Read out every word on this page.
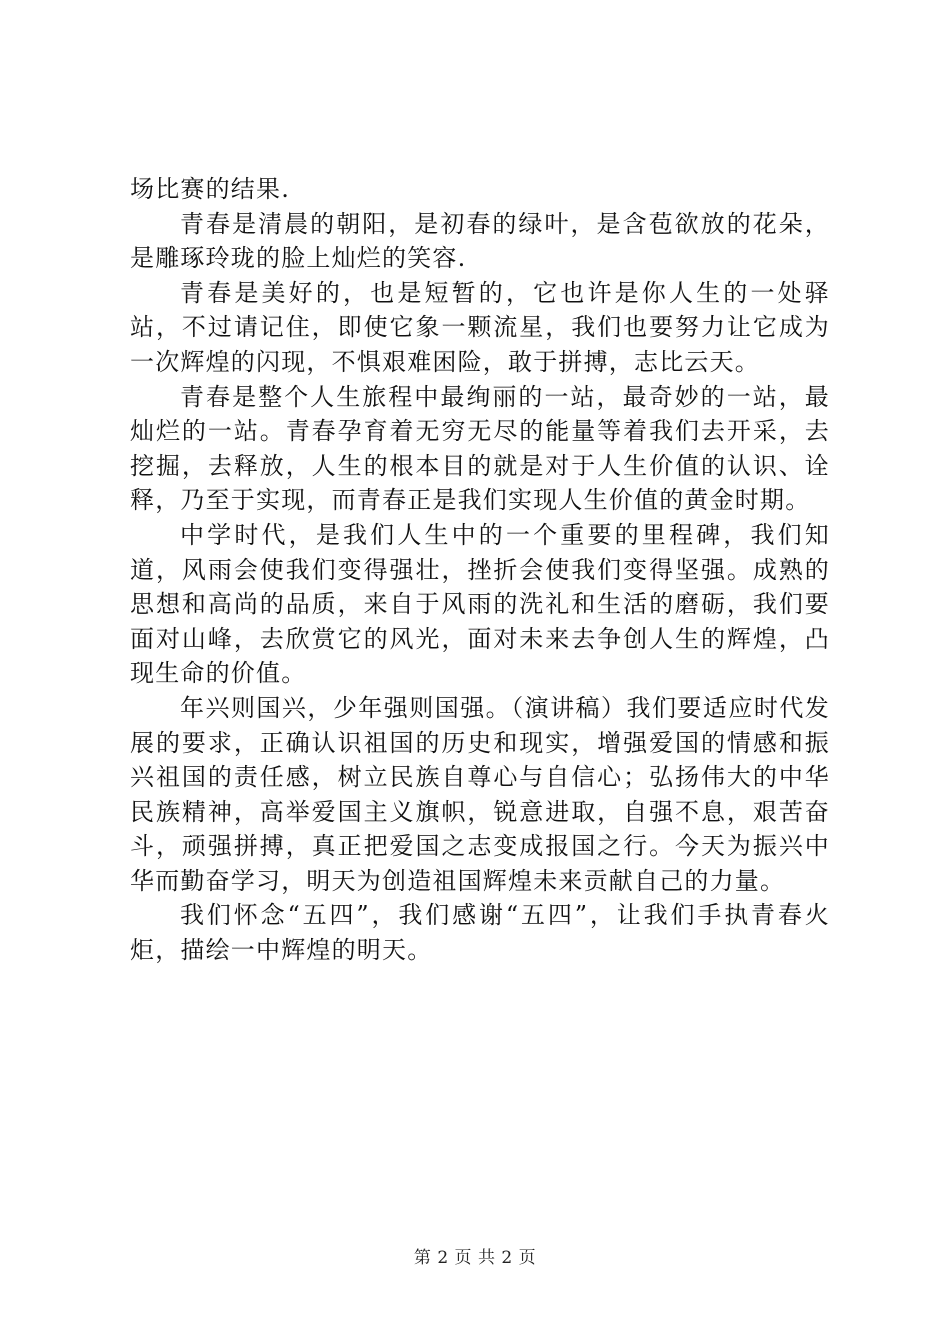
场比赛的结果.

青春是清晨的朝阳，是初春的绿叶，是含苞欲放的花朵，是雕琢玲珑的脸上灿烂的笑容.

青春是美好的，也是短暂的，它也许是你人生的一处驿站，不过请记住，即使它象一颗流星，我们也要努力让它成为一次辉煌的闪现，不惧艰难困险，敢于拼搏，志比云天。

青春是整个人生旅程中最绚丽的一站，最奇妙的一站，最灿烂的一站。青春孕育着无穷无尽的能量等着我们去开采，去挖掘，去释放，人生的根本目的就是对于人生价值的认识、诠释，乃至于实现，而青春正是我们实现人生价值的黄金时期。

中学时代，是我们人生中的一个重要的里程碑，我们知道，风雨会使我们变得强壮，挫折会使我们变得坚强。成熟的思想和高尚的品质，来自于风雨的洗礼和生活的磨砺，我们要面对山峰，去欣赏它的风光，面对未来去争创人生的辉煌，凸现生命的价值。

年兴则国兴，少年强则国强。（演讲稿）我们要适应时代发展的要求，正确认识祖国的历史和现实，增强爱国的情感和振兴祖国的责任感，树立民族自尊心与自信心；弘扬伟大的中华民族精神，高举爱国主义旗帜，锐意进取，自强不息，艰苦奋斗，顽强拼搏，真正把爱国之志变成报国之行。今天为振兴中华而勤奋学习，明天为创造祖国辉煌未来贡献自己的力量。

我们怀念“五四”，我们感谢“五四”，让我们手执青春火炬，描绘一中辉煌的明天。

第 2 页 共 2 页
